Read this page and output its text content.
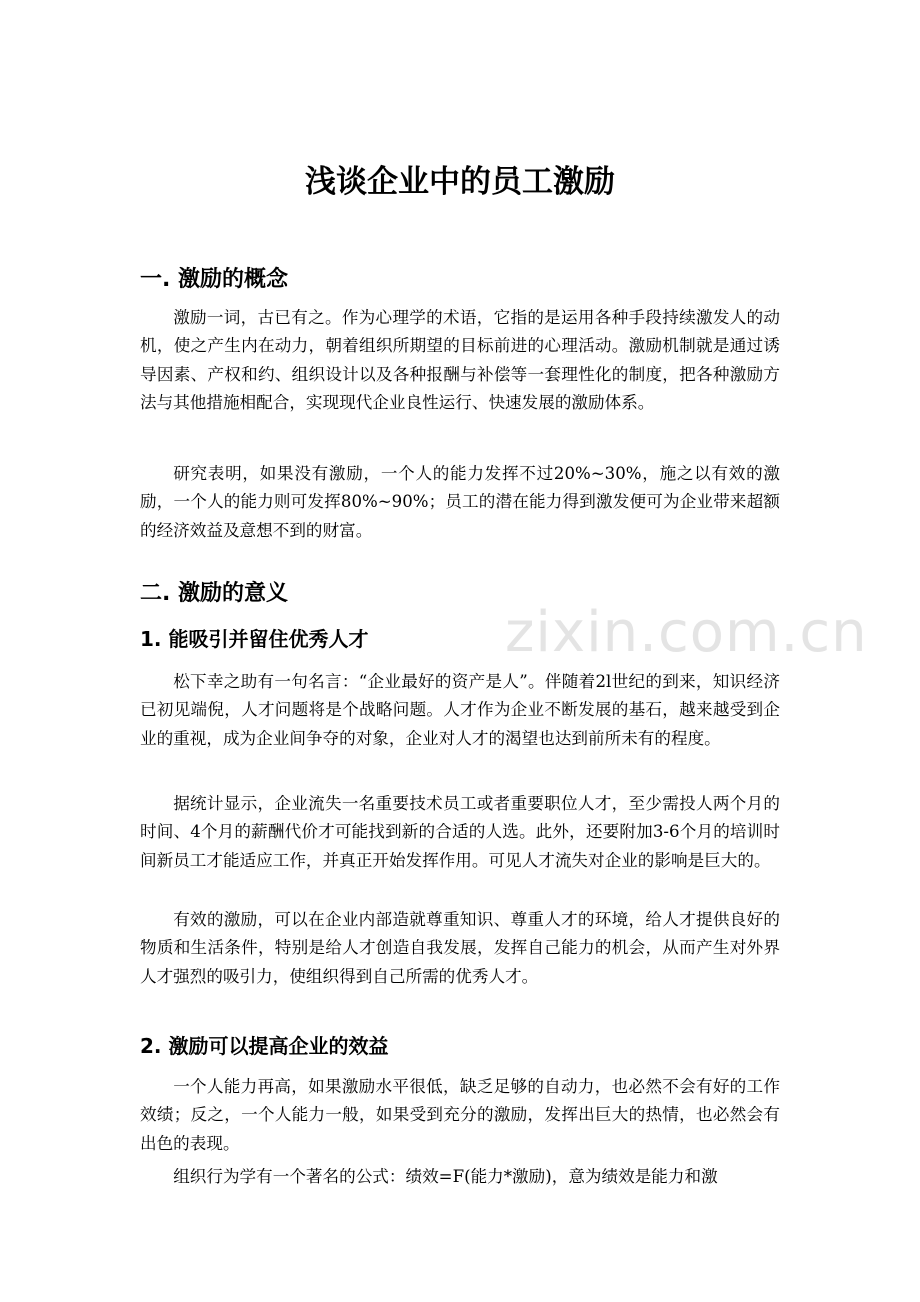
zixin.com.cn
浅谈企业中的员工激励
一. 激励的概念

激励一词，古已有之。作为心理学的术语，它指的是运用各种手段持续激发人的动机，使之产生内在动力，朝着组织所期望的目标前进的心理活动。激励机制就是通过诱导因素、产权和约、组织设计以及各种报酬与补偿等一套理性化的制度，把各种激励方法与其他措施相配合，实现现代企业良性运行、快速发展的激励体系。

研究表明，如果没有激励，一个人的能力发挥不过20%~30%，施之以有效的激励，一个人的能力则可发挥80%~90%；员工的潜在能力得到激发便可为企业带来超额的经济效益及意想不到的财富。

二. 激励的意义
1. 能吸引并留住优秀人才

松下幸之助有一句名言：“企业最好的资产是人”。伴随着2l世纪的到来，知识经济已初见端倪，人才问题将是个战略问题。人才作为企业不断发展的基石，越来越受到企业的重视，成为企业间争夺的对象，企业对人才的渴望也达到前所未有的程度。

据统计显示，企业流失一名重要技术员工或者重要职位人才，至少需投人两个月的时间、4个月的薪酬代价才可能找到新的合适的人选。此外，还要附加3-6个月的培训时间新员工才能适应工作，并真正开始发挥作用。可见人才流失对企业的影响是巨大的。

有效的激励，可以在企业内部造就尊重知识、尊重人才的环境，给人才提供良好的物质和生活条件，特别是给人才创造自我发展，发挥自己能力的机会，从而产生对外界人才强烈的吸引力，使组织得到自己所需的优秀人才。

2. 激励可以提高企业的效益

一个人能力再高，如果激励水平很低，缺乏足够的自动力，也必然不会有好的工作效绩；反之，一个人能力一般，如果受到充分的激励，发挥出巨大的热情，也必然会有出色的表现。

组织行为学有一个著名的公式：绩效=F(能力*激励)，意为绩效是能力和激
